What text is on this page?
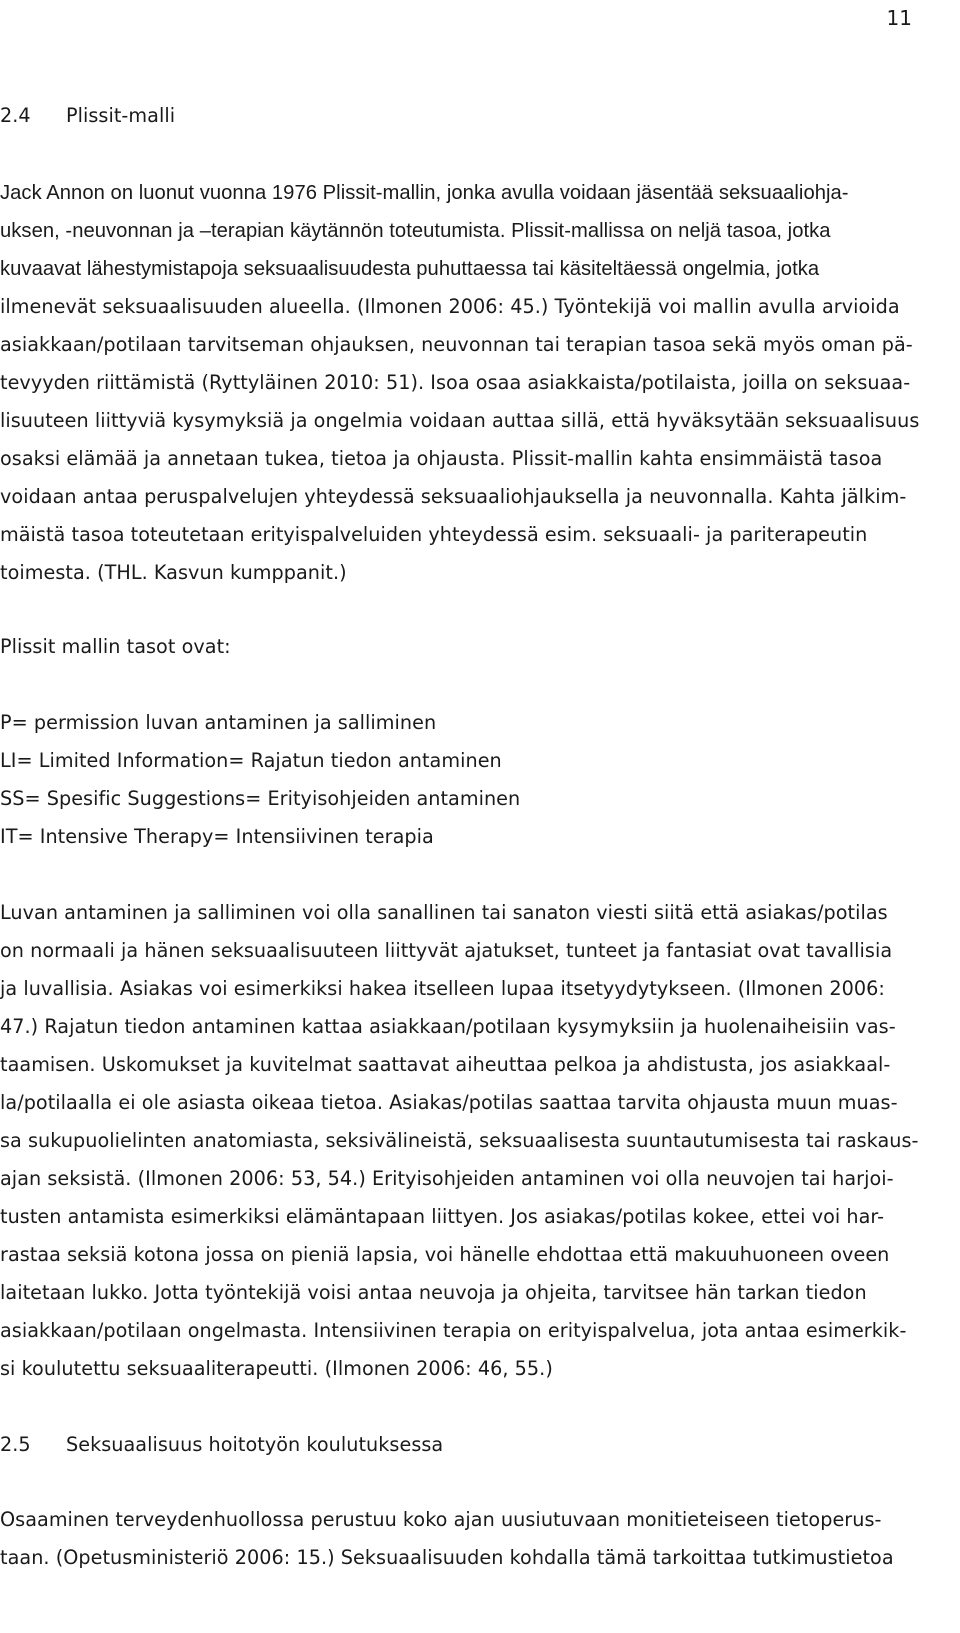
11
2.4 Plissit-malli
Jack Annon on luonut vuonna 1976 Plissit-mallin, jonka avulla voidaan jäsentää seksuaaliohja-
uksen, -neuvonnan ja –terapian käytännön toteutumista. Plissit-mallissa on neljä tasoa, jotka
kuvaavat lähestymistapoja seksuaalisuudesta puhuttaessa tai käsiteltäessä ongelmia, jotka
ilmenevät seksuaalisuuden alueella. (Ilmonen 2006: 45.) Työntekijä voi mallin avulla arvioida
asiakkaan/potilaan tarvitseman ohjauksen, neuvonnan tai terapian tasoa sekä myös oman pä-
tevyyden riittämistä (Ryttyläinen 2010: 51). Isoa osaa asiakkaista/potilaista, joilla on seksuaa-
lisuuteen liittyviä kysymyksiä ja ongelmia voidaan auttaa sillä, että hyväksytään seksuaalisuus
osaksi elämää ja annetaan tukea, tietoa ja ohjausta. Plissit-mallin kahta ensimmäistä tasoa
voidaan antaa peruspalvelujen yhteydessä seksuaaliohjauksella ja neuvonnalla. Kahta jälkim-
mäistä tasoa toteutetaan erityispalveluiden yhteydessä esim. seksuaali- ja pariterapeutin
toimesta. (THL. Kasvun kumppanit.)
Plissit mallin tasot ovat:
P= permission luvan antaminen ja salliminen
LI= Limited Information= Rajatun tiedon antaminen
SS= Spesific Suggestions= Erityisohjeiden antaminen
IT= Intensive Therapy= Intensiivinen terapia
Luvan antaminen ja salliminen voi olla sanallinen tai sanaton viesti siitä että asiakas/potilas
on normaali ja hänen seksuaalisuuteen liittyvät ajatukset, tunteet ja fantasiat ovat tavallisia
ja luvallisia. Asiakas voi esimerkiksi hakea itselleen lupaa itsetyydytykseen. (Ilmonen 2006:
47.) Rajatun tiedon antaminen kattaa asiakkaan/potilaan kysymyksiin ja huolenaiheisiin vas-
taamisen. Uskomukset ja kuvitelmat saattavat aiheuttaa pelkoa ja ahdistusta, jos asiakkaal-
la/potilaalla ei ole asiasta oikeaa tietoa. Asiakas/potilas saattaa tarvita ohjausta muun muas-
sa sukupuolielinten anatomiasta, seksivälineistä, seksuaalisesta suuntautumisesta tai raskaus-
ajan seksistä. (Ilmonen 2006: 53, 54.) Erityisohjeiden antaminen voi olla neuvojen tai harjoi-
tusten antamista esimerkiksi elämäntapaan liittyen. Jos asiakas/potilas kokee, ettei voi har-
rastaa seksiä kotona jossa on pieniä lapsia, voi hänelle ehdottaa että makuuhuoneen oveen
laitetaan lukko. Jotta työntekijä voisi antaa neuvoja ja ohjeita, tarvitsee hän tarkan tiedon
asiakkaan/potilaan ongelmasta. Intensiivinen terapia on erityispalvelua, jota antaa esimerkik-
si koulutettu seksuaaliterapeutti. (Ilmonen 2006: 46, 55.)
2.5 Seksuaalisuus hoitotyön koulutuksessa
Osaaminen terveydenhuollossa perustuu koko ajan uusiutuvaan monitieteiseen tietoperus-
taan. (Opetusministeriö 2006: 15.) Seksuaalisuuden kohdalla tämä tarkoittaa tutkimustietoa
